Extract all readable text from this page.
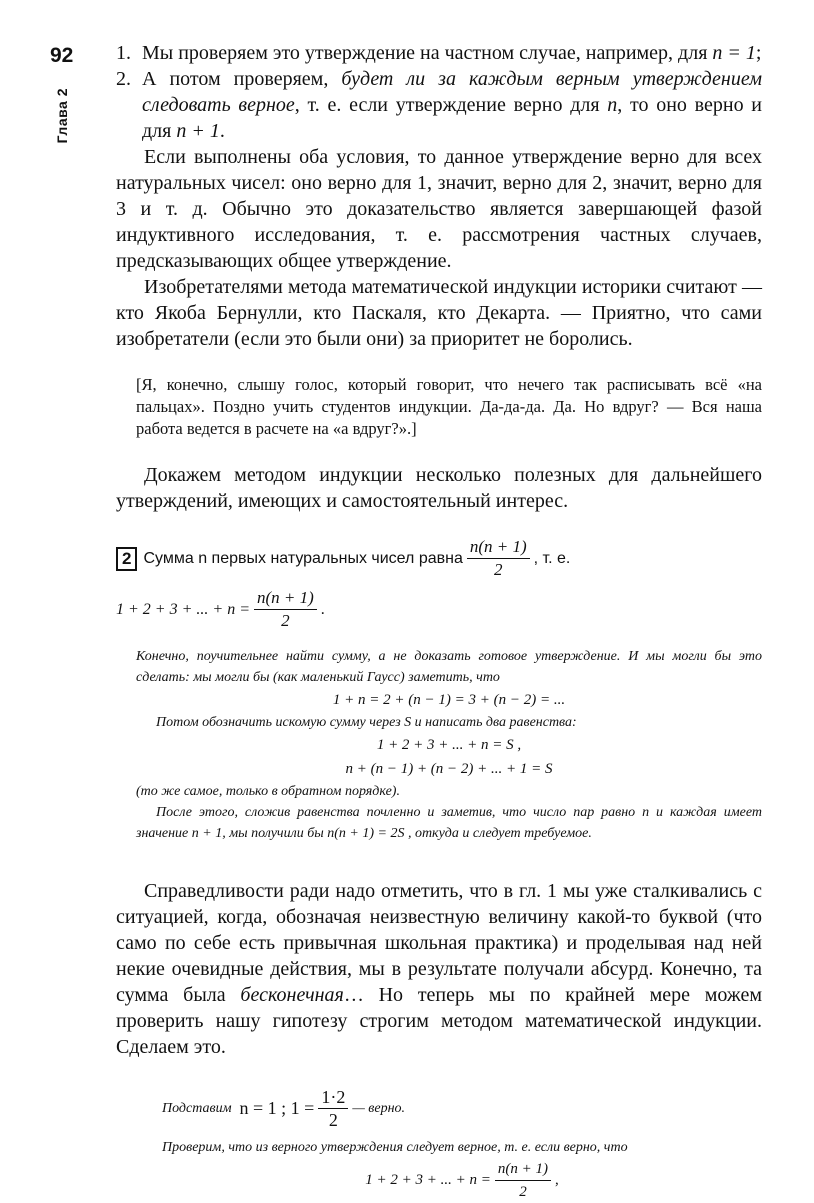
92
Глава 2
1. Мы проверяем это утверждение на частном случае, например, для n = 1;
2. А потом проверяем, будет ли за каждым верным утверждением следовать верное, т. е. если утверждение верно для n, то оно верно и для n + 1.

Если выполнены оба условия, то данное утверждение верно для всех натуральных чисел: оно верно для 1, значит, верно для 2, значит, верно для 3 и т. д. Обычно это доказательство является завершающей фазой индуктивного исследования, т. е. рассмотрения частных случаев, предсказывающих общее утверждение.

Изобретателями метода математической индукции историки считают — кто Якоба Бернулли, кто Паскаля, кто Декарта. — Приятно, что сами изобретатели (если это были они) за приоритет не боролись.

[Я, конечно, слышу голос, который говорит, что нечего так расписывать всё «на пальцах». Поздно учить студентов индукции. Да-да-да. Да. Но вдруг? — Вся наша работа ведется в расчете на «а вдруг?».]

Докажем методом индукции несколько полезных для дальнейшего утверждений, имеющих и самостоятельный интерес.

2 Сумма n первых натуральных чисел равна $\frac{n(n + 1)}{2}$ , т. е.
1 + 2 + 3 + ... + $n = \frac{n(n + 1)}{2}$ .

Конечно, поучительнее найти сумму, а не доказать готовое утверждение. И мы могли бы это сделать: мы могли бы (как маленький Гаусс) заметить, что

1 + n = 2 + (n − 1) = 3 + (n − 2) = ...

Потом обозначить искомую сумму через S и написать два равенства:

1 + 2 + 3 + ... + n = S ,

n + (n − 1) + (n − 2) + ... + 1 = S

(то же самое, только в обратном порядке).

После этого, сложив равенства почленно и заметив, что число пар равно n и каждая имеет значение n + 1, мы получили бы n(n + 1) = 2S , откуда и следует требуемое.

Справедливости ради надо отметить, что в гл. 1 мы уже сталкивались с ситуацией, когда, обозначая неизвестную величину какой-то буквой (что само по себе есть привычная школьная практика) и проделывая над ней некие очевидные действия, мы в результате получали абсурд. Конечно, та сумма была бесконечная… Но теперь мы по крайней мере можем проверить нашу гипотезу строгим методом математической индукции. Сделаем это.

Подставим n = 1 ; $1 = \frac{1\cdot 2}{2}$ — верно.

Проверим, что из верного утверждения следует верное, т. е. если верно, что

1 + 2 + 3 + ... + $n = \frac{n(n + 1)}{2}$ ,
